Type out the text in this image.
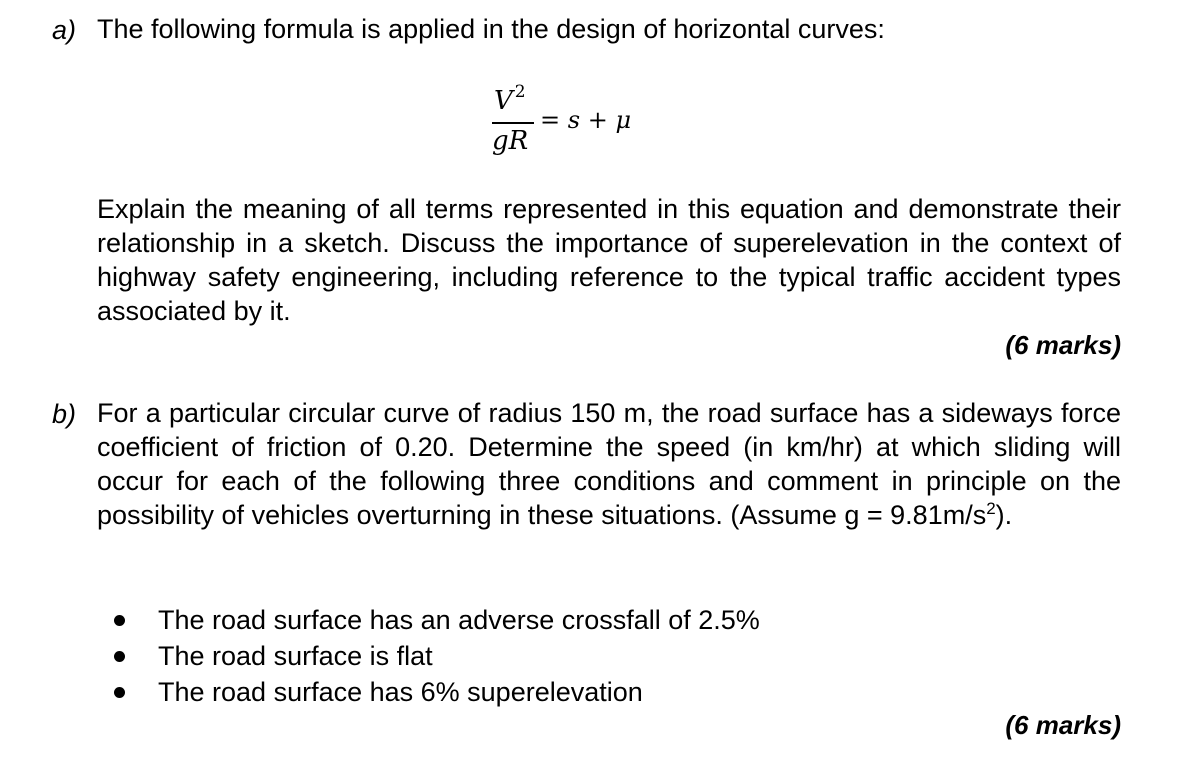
a) The following formula is applied in the design of horizontal curves:
V $^2$
gR
= s + μ
Explain the meaning of all terms represented in this equation and demonstrate their relationship in a sketch. Discuss the importance of superelevation in the context of highway safety engineering, including reference to the typical traffic accident types associated by it.
(6 marks)
b) For a particular circular curve of radius 150 m, the road surface has a sideways force coefficient of friction of 0.20. Determine the speed (in km/hr) at which sliding will occur for each of the following three conditions and comment in principle on the possibility of vehicles overturning in these situations. (Assume $g = 9.81m/s^2$).
The road surface has an adverse crossfall of 2.5%
The road surface is flat
The road surface has 6% superelevation
(6 marks)
